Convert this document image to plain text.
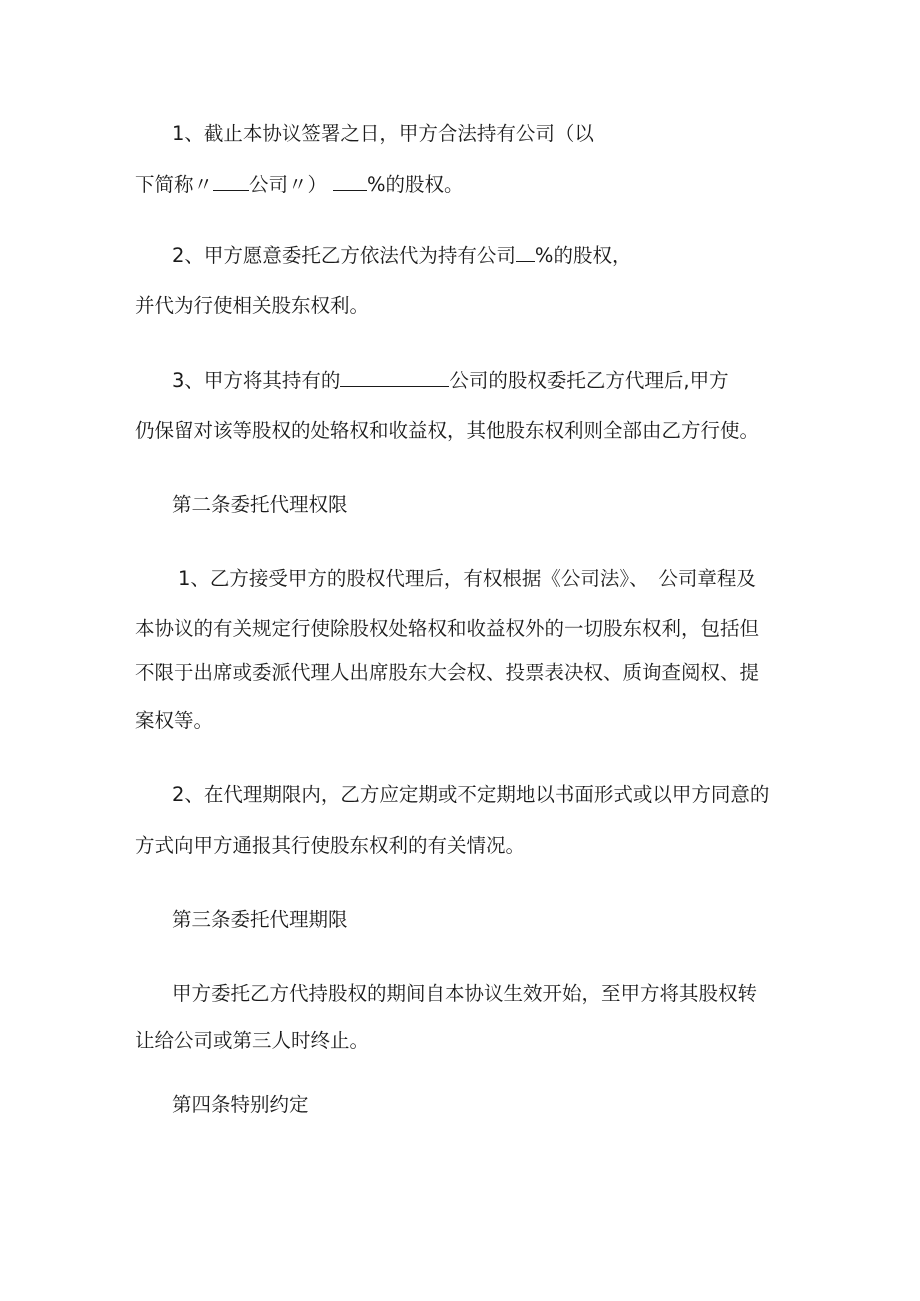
1、截止本协议签署之日，甲方合法持有公司（以

下简称〃 公司〃） %的股权。

2、甲方愿意委托乙方依法代为持有公司 %的股权，

并代为行使相关股东权利。

3、甲方将其持有的	公司的股权委托乙方代理后,甲方

仍保留对该等股权的处辂权和收益权，其他股东权利则全部由乙方行使。

第二条委托代理权限

1、乙方接受甲方的股权代理后，有权根据《公司法》、　公司章程及

本协议的有关规定行使除股权处辂权和收益权外的一切股东权利，包括但

不限于出席或委派代理人出席股东大会权、投票表决权、质询查阅权、提

案权等。

2、在代理期限内，乙方应定期或不定期地以书面形式或以甲方同意的

方式向甲方通报其行使股东权利的有关情况。

第三条委托代理期限

甲方委托乙方代持股权的期间自本协议生效开始，至甲方将其股权转

让给公司或第三人时终止。

第四条特别约定
